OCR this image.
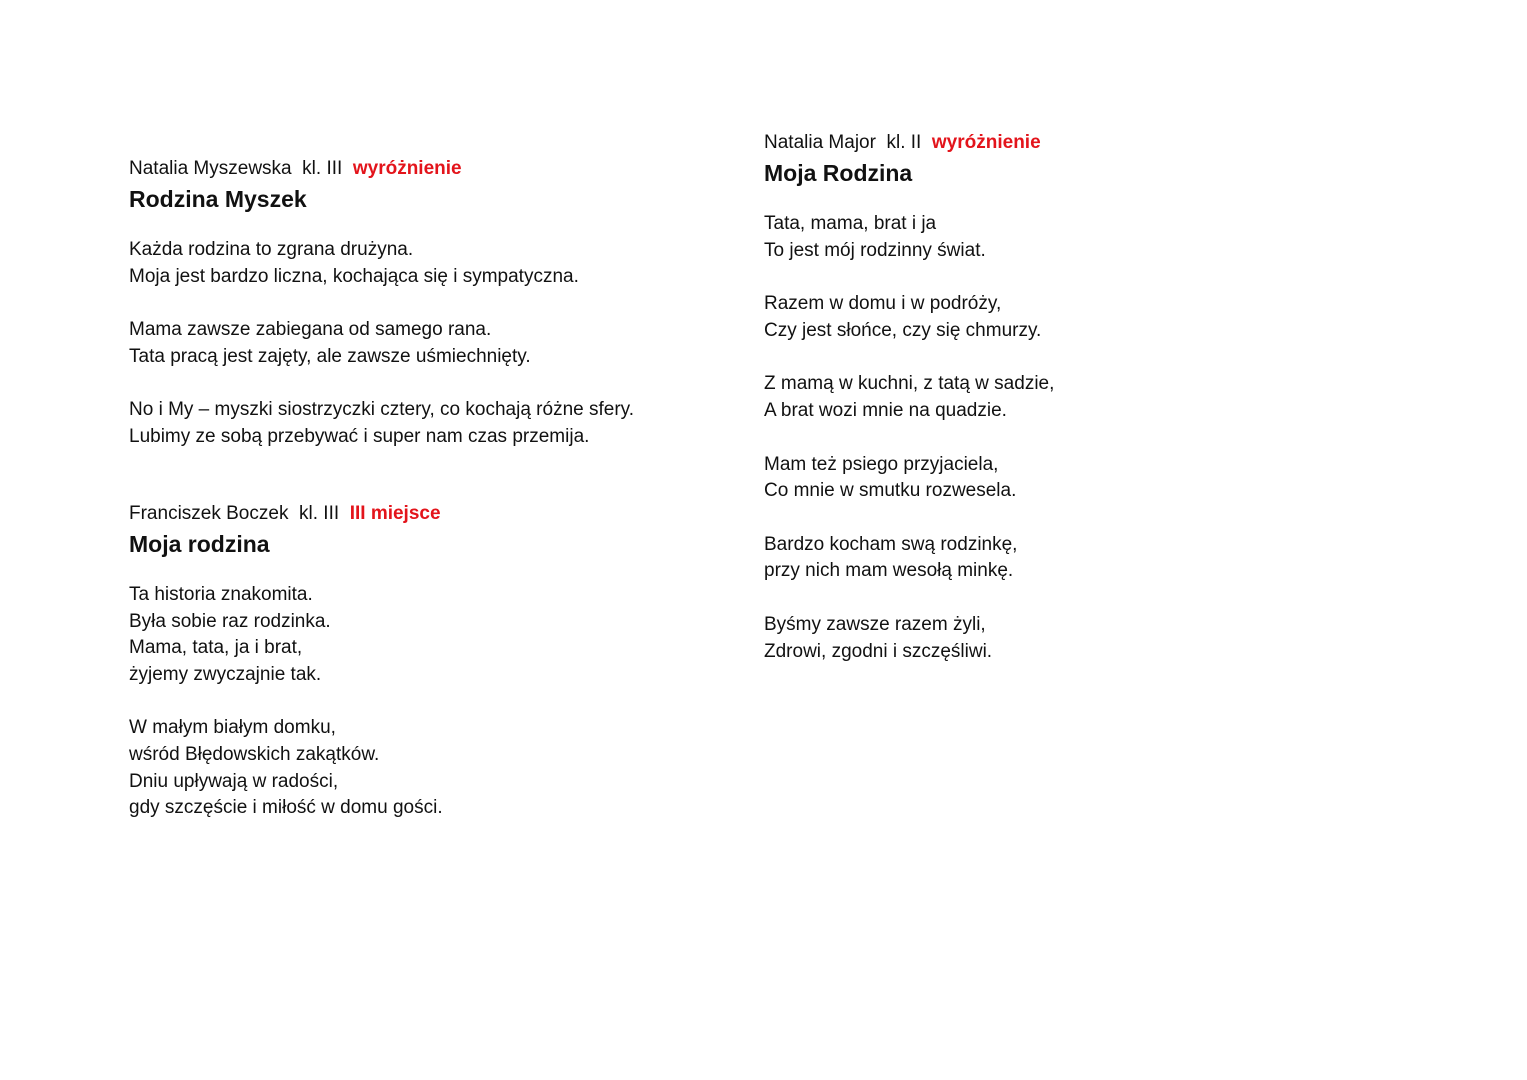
Natalia Myszewska kl. III wyróżnienie
Rodzina Myszek
Każda rodzina to zgrana drużyna.
Moja jest bardzo liczna, kochająca się i sympatyczna.
Mama zawsze zabiegana od samego rana.
Tata pracą jest zajęty, ale zawsze uśmiechnięty.
No i My – myszki siostrzyczki cztery, co kochają różne sfery.
Lubimy ze sobą przebywać i super nam czas przemija.
Franciszek Boczek kl. III III miejsce
Moja rodzina
Ta historia znakomita.
Była sobie raz rodzinka.
Mama, tata, ja i brat,
żyjemy zwyczajnie tak.
W małym białym domku,
wśród Błędowskich zakątków.
Dniu upływają w radości,
gdy szczęście i miłość w domu gości.
Natalia Major kl. II wyróżnienie
Moja Rodzina
Tata, mama, brat i ja
To jest mój rodzinny świat.
Razem w domu i w podróży,
Czy jest słońce, czy się chmurzy.
Z mamą w kuchni, z tatą w sadzie,
A brat wozi mnie na quadzie.
Mam też psiego przyjaciela,
Co mnie w smutku rozwesela.
Bardzo kocham swą rodzinkę,
przy nich mam wesołą minkę.
Byśmy zawsze razem żyli,
Zdrowi, zgodni i szczęśliwi.
